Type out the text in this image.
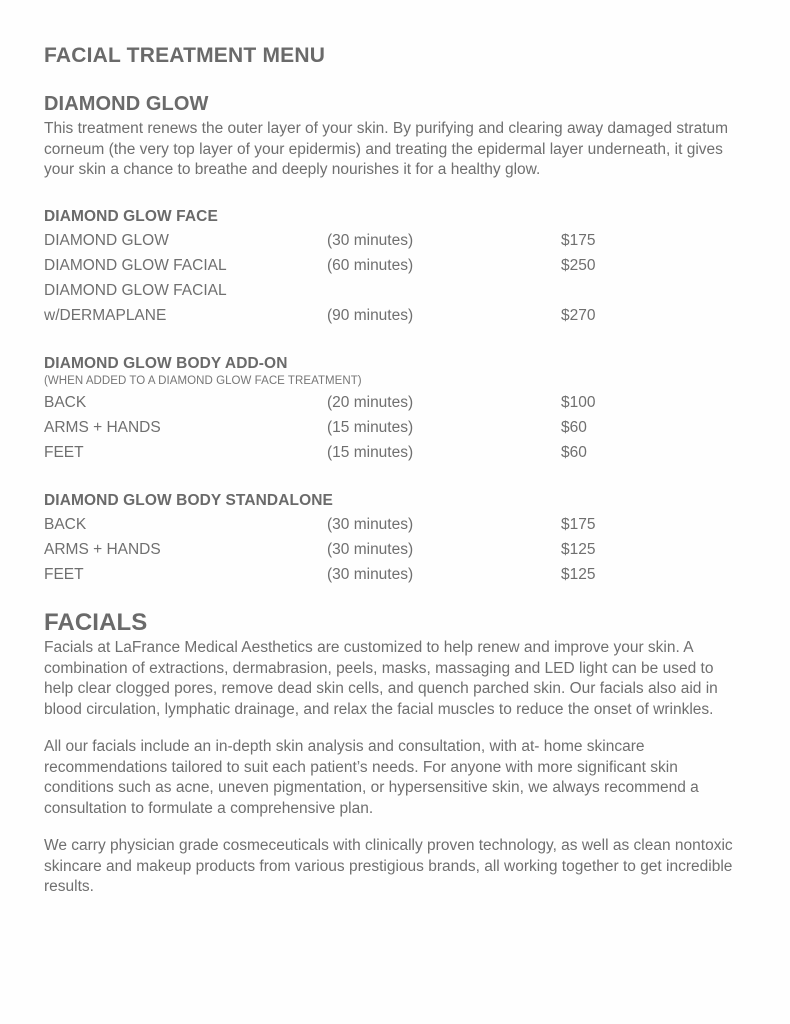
FACIAL TREATMENT MENU
DIAMOND GLOW

This treatment renews the outer layer of your skin. By purifying and clearing away damaged stratum corneum (the very top layer of your epidermis) and treating the epidermal layer underneath, it gives your skin a chance to breathe and deeply nourishes it for a healthy glow.

DIAMOND GLOW FACE
DIAMOND GLOW	(30 minutes)	$175
DIAMOND GLOW FACIAL	(60 minutes)	$250
DIAMOND GLOW FACIAL
w/DERMAPLANE	(90 minutes)	$270
DIAMOND GLOW BODY ADD-ON
(WHEN ADDED TO A DIAMOND GLOW FACE TREATMENT)
BACK	(20 minutes)	$100
ARMS + HANDS	(15 minutes)	$60
FEET	(15 minutes)	$60
DIAMOND GLOW BODY STANDALONE
BACK	(30 minutes)	$175
ARMS + HANDS	(30 minutes)	$125
FEET	(30 minutes)	$125
FACIALS

Facials at LaFrance Medical Aesthetics are customized to help renew and improve your skin. A combination of extractions, dermabrasion, peels, masks, massaging and LED light can be used to help clear clogged pores, remove dead skin cells, and quench parched skin. Our facials also aid in blood circulation, lymphatic drainage, and relax the facial muscles to reduce the onset of wrinkles.

All our facials include an in-depth skin analysis and consultation, with at- home skincare recommendations tailored to suit each patient’s needs. For anyone with more significant skin conditions such as acne, uneven pigmentation, or hypersensitive skin, we always recommend a consultation to formulate a comprehensive plan.

We carry physician grade cosmeceuticals with clinically proven technology, as well as clean nontoxic skincare and makeup products from various prestigious brands, all working together to get incredible results.
